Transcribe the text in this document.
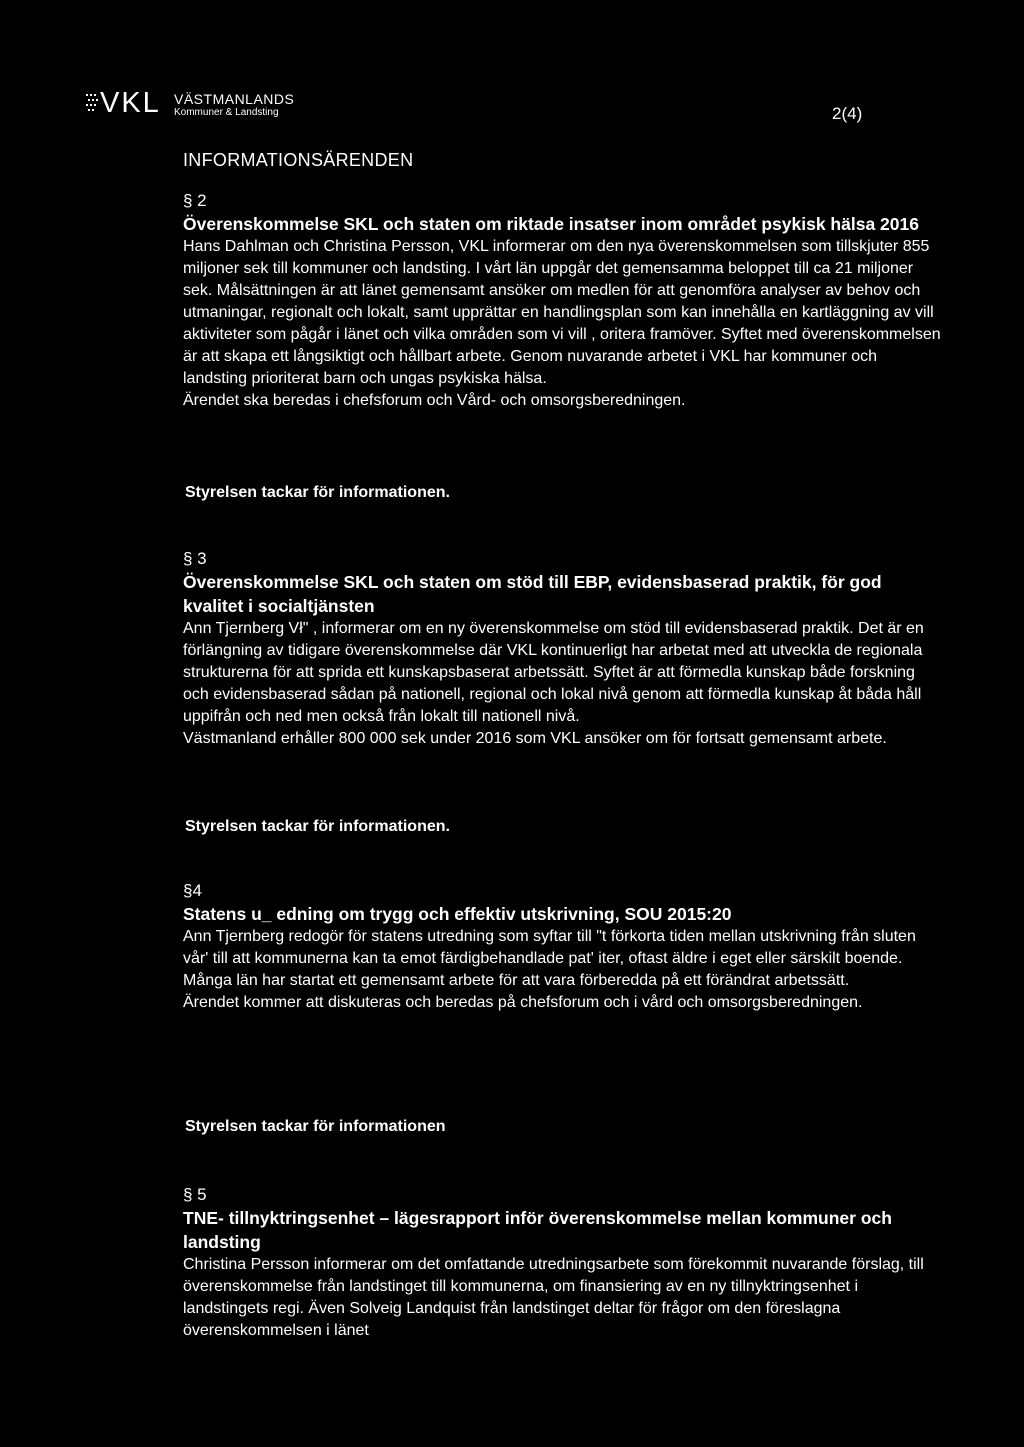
VKL VÄSTMANLANDS
Kommuner & Landsting	2(4)
INFORMATIONSÄRENDEN
§ 2
Överenskommelse SKL och staten om riktade insatser inom området psykisk hälsa 2016

Hans Dahlman och Christina Persson, VKL informerar om den nya överenskommelsen som tillskjuter 855 miljoner sek till kommuner och landsting. I vårt län uppgår det gemensamma beloppet till ca 21 miljoner sek. Målsättningen är att länet gemensamt ansöker om medlen för att genomföra analyser av behov och utmaningar, regionalt och lokalt, samt upprättar en handlingsplan som kan innehålla en kartläggning av vill aktiviteter som pågår i länet och vilka områden som vi vill , oritera framöver. Syftet med överenskommelsen är att skapa ett långsiktigt och hållbart arbete. Genom nuvarande arbetet i VKL har kommuner och landsting prioriterat barn och ungas psykiska hälsa.

Ärendet ska beredas i chefsforum och Vård- och omsorgsberedningen.

Styrelsen tackar för informationen.
§ 3
Överenskommelse SKL och staten om stöd till EBP, evidensbaserad praktik, för god kvalitet i socialtjänsten

Ann Tjernberg Vł" , informerar om en ny överenskommelse om stöd till evidensbaserad praktik. Det är en förlängning av tidigare överenskommelse där VKL kontinuerligt har arbetat med att utveckla de regionala strukturerna för att sprida ett kunskapsbaserat arbetssätt. Syftet är att förmedla kunskap både forskning och evidensbaserad sådan på nationell, regional och lokal nivå genom att förmedla kunskap åt båda håll uppifrån och ned men också från lokalt till nationell nivå.

Västmanland erhåller 800 000 sek under 2016 som VKL ansöker om för fortsatt gemensamt arbete.

Styrelsen tackar för informationen.
§4
Statens u_ edning om trygg och effektiv utskrivning, SOU 2015:20

Ann Tjernberg redogör för statens utredning som syftar till "t förkorta tiden mellan utskrivning från sluten vår' till att kommunerna kan ta emot färdigbehandlade pat' iter, oftast äldre i eget eller särskilt boende. Många län har startat ett gemensamt arbete för att vara förberedda på ett förändrat arbetssätt.

Ärendet kommer att diskuteras och beredas på chefsforum och i vård och omsorgsberedningen.

Styrelsen tackar för informationen
§ 5
TNE- tillnyktringsenhet – lägesrapport inför överenskommelse mellan kommuner och landsting

Christina Persson informerar om det omfattande utredningsarbete som förekommit nuvarande förslag, till överenskommelse från landstinget till kommunerna, om finansiering av en ny tillnyktringsenhet i landstingets regi. Även Solveig Landquist från landstinget deltar för frågor om den föreslagna överenskommelsen i länet
